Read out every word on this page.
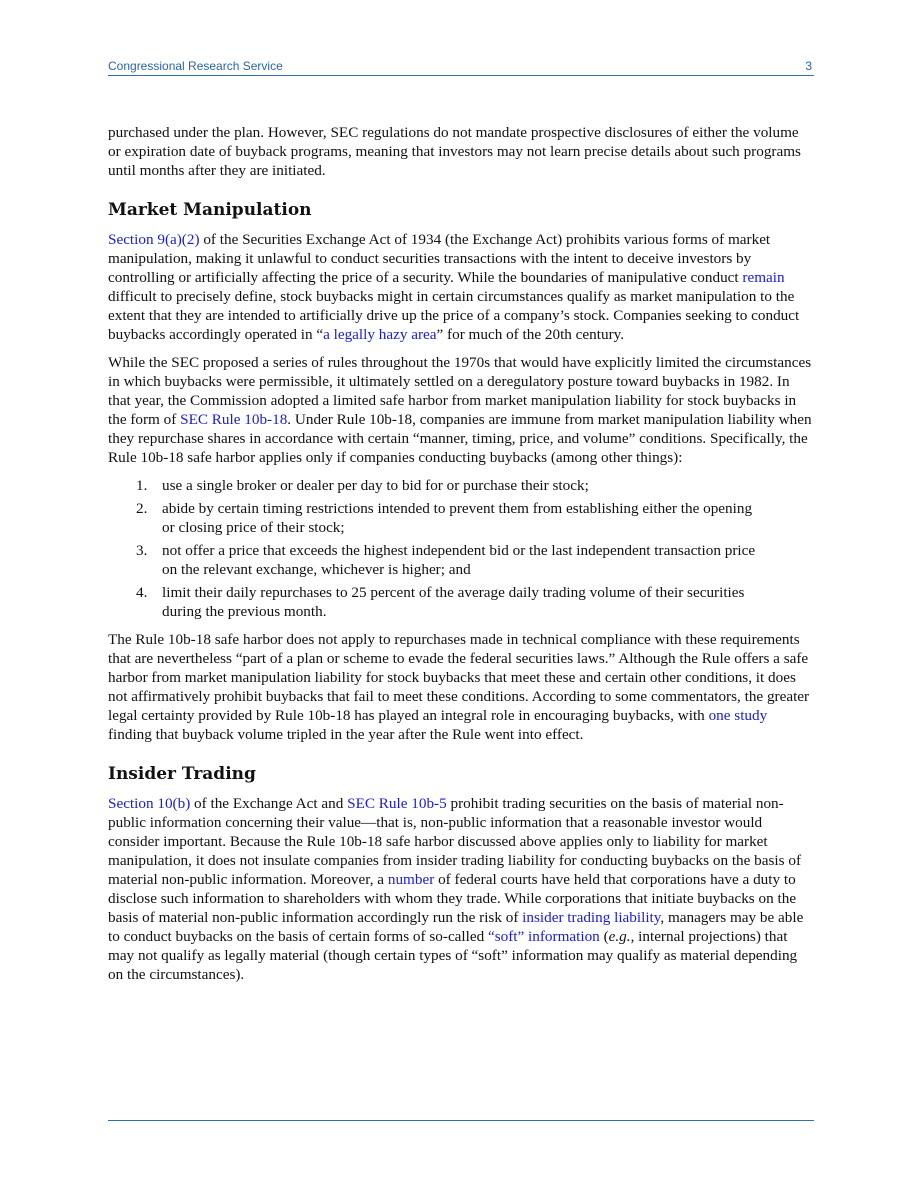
Congressional Research Service	3

purchased under the plan. However, SEC regulations do not mandate prospective disclosures of either the volume or expiration date of buyback programs, meaning that investors may not learn precise details about such programs until months after they are initiated.

Market Manipulation

Section 9(a)(2) of the Securities Exchange Act of 1934 (the Exchange Act) prohibits various forms of market manipulation, making it unlawful to conduct securities transactions with the intent to deceive investors by controlling or artificially affecting the price of a security. While the boundaries of manipulative conduct remain difficult to precisely define, stock buybacks might in certain circumstances qualify as market manipulation to the extent that they are intended to artificially drive up the price of a company’s stock. Companies seeking to conduct buybacks accordingly operated in “a legally hazy area” for much of the 20th century.

While the SEC proposed a series of rules throughout the 1970s that would have explicitly limited the circumstances in which buybacks were permissible, it ultimately settled on a deregulatory posture toward buybacks in 1982. In that year, the Commission adopted a limited safe harbor from market manipulation liability for stock buybacks in the form of SEC Rule 10b-18. Under Rule 10b-18, companies are immune from market manipulation liability when they repurchase shares in accordance with certain “manner, timing, price, and volume” conditions. Specifically, the Rule 10b-18 safe harbor applies only if companies conducting buybacks (among other things):

1. use a single broker or dealer per day to bid for or purchase their stock;
2. abide by certain timing restrictions intended to prevent them from establishing either the opening or closing price of their stock;
3. not offer a price that exceeds the highest independent bid or the last independent transaction price on the relevant exchange, whichever is higher; and
4. limit their daily repurchases to 25 percent of the average daily trading volume of their securities during the previous month.

The Rule 10b-18 safe harbor does not apply to repurchases made in technical compliance with these requirements that are nevertheless “part of a plan or scheme to evade the federal securities laws.” Although the Rule offers a safe harbor from market manipulation liability for stock buybacks that meet these and certain other conditions, it does not affirmatively prohibit buybacks that fail to meet these conditions. According to some commentators, the greater legal certainty provided by Rule 10b-18 has played an integral role in encouraging buybacks, with one study finding that buyback volume tripled in the year after the Rule went into effect.

Insider Trading

Section 10(b) of the Exchange Act and SEC Rule 10b-5 prohibit trading securities on the basis of material non-public information concerning their value—that is, non-public information that a reasonable investor would consider important. Because the Rule 10b-18 safe harbor discussed above applies only to liability for market manipulation, it does not insulate companies from insider trading liability for conducting buybacks on the basis of material non-public information. Moreover, a number of federal courts have held that corporations have a duty to disclose such information to shareholders with whom they trade. While corporations that initiate buybacks on the basis of material non-public information accordingly run the risk of insider trading liability, managers may be able to conduct buybacks on the basis of certain forms of so-called “soft” information (e.g., internal projections) that may not qualify as legally material (though certain types of “soft” information may qualify as material depending on the circumstances).
